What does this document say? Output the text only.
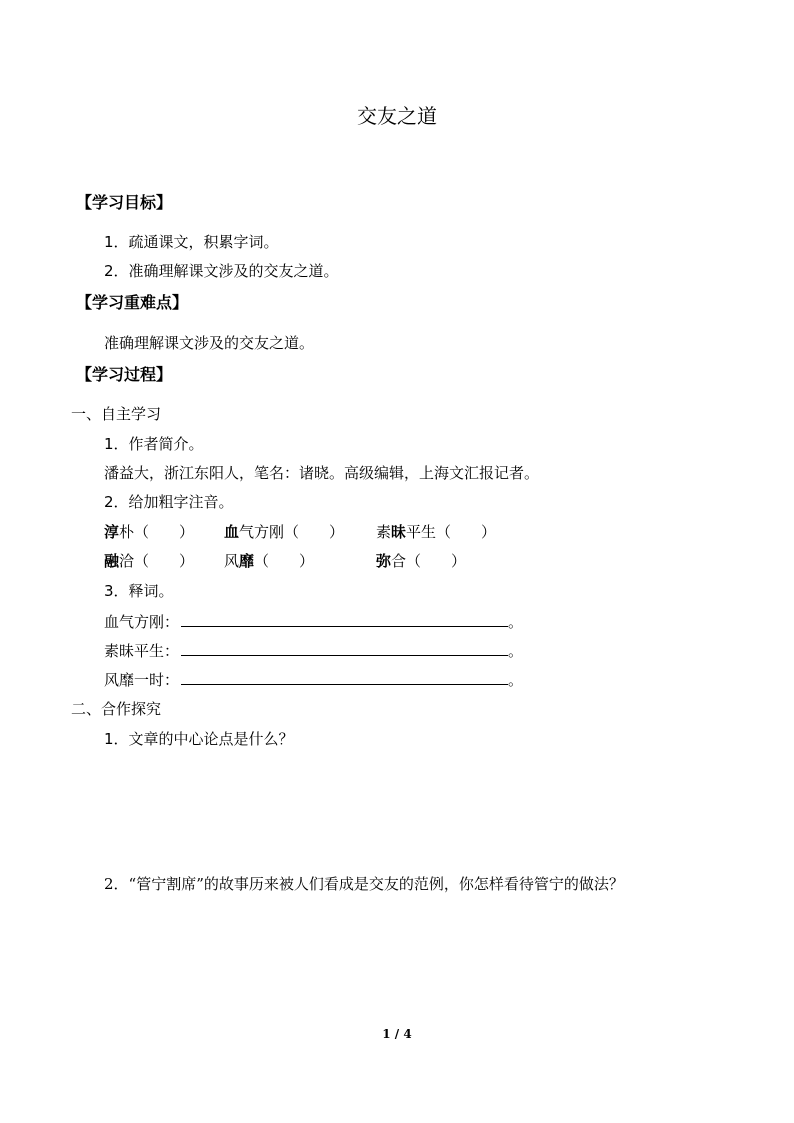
交友之道
【学习目标】
1．疏通课文，积累字词。
2．准确理解课文涉及的交友之道。
【学习重难点】
准确理解课文涉及的交友之道。
【学习过程】
一、自主学习
1．作者简介。
潘益大，浙江东阳人，笔名：诸晓。高级编辑，上海文汇报记者。
2．给加粗字注音。
淳朴（　　） 血气方刚（　　） 素昧平生（　　）
融洽（　　） 风靡（　　）	弥合（　　）
3．释词。
血气方刚：	。
素昧平生：	。
风靡一时：	。
二、合作探究
1．文章的中心论点是什么？
2．“管宁割席”的故事历来被人们看成是交友的范例，你怎样看待管宁的做法？
1 / 4
